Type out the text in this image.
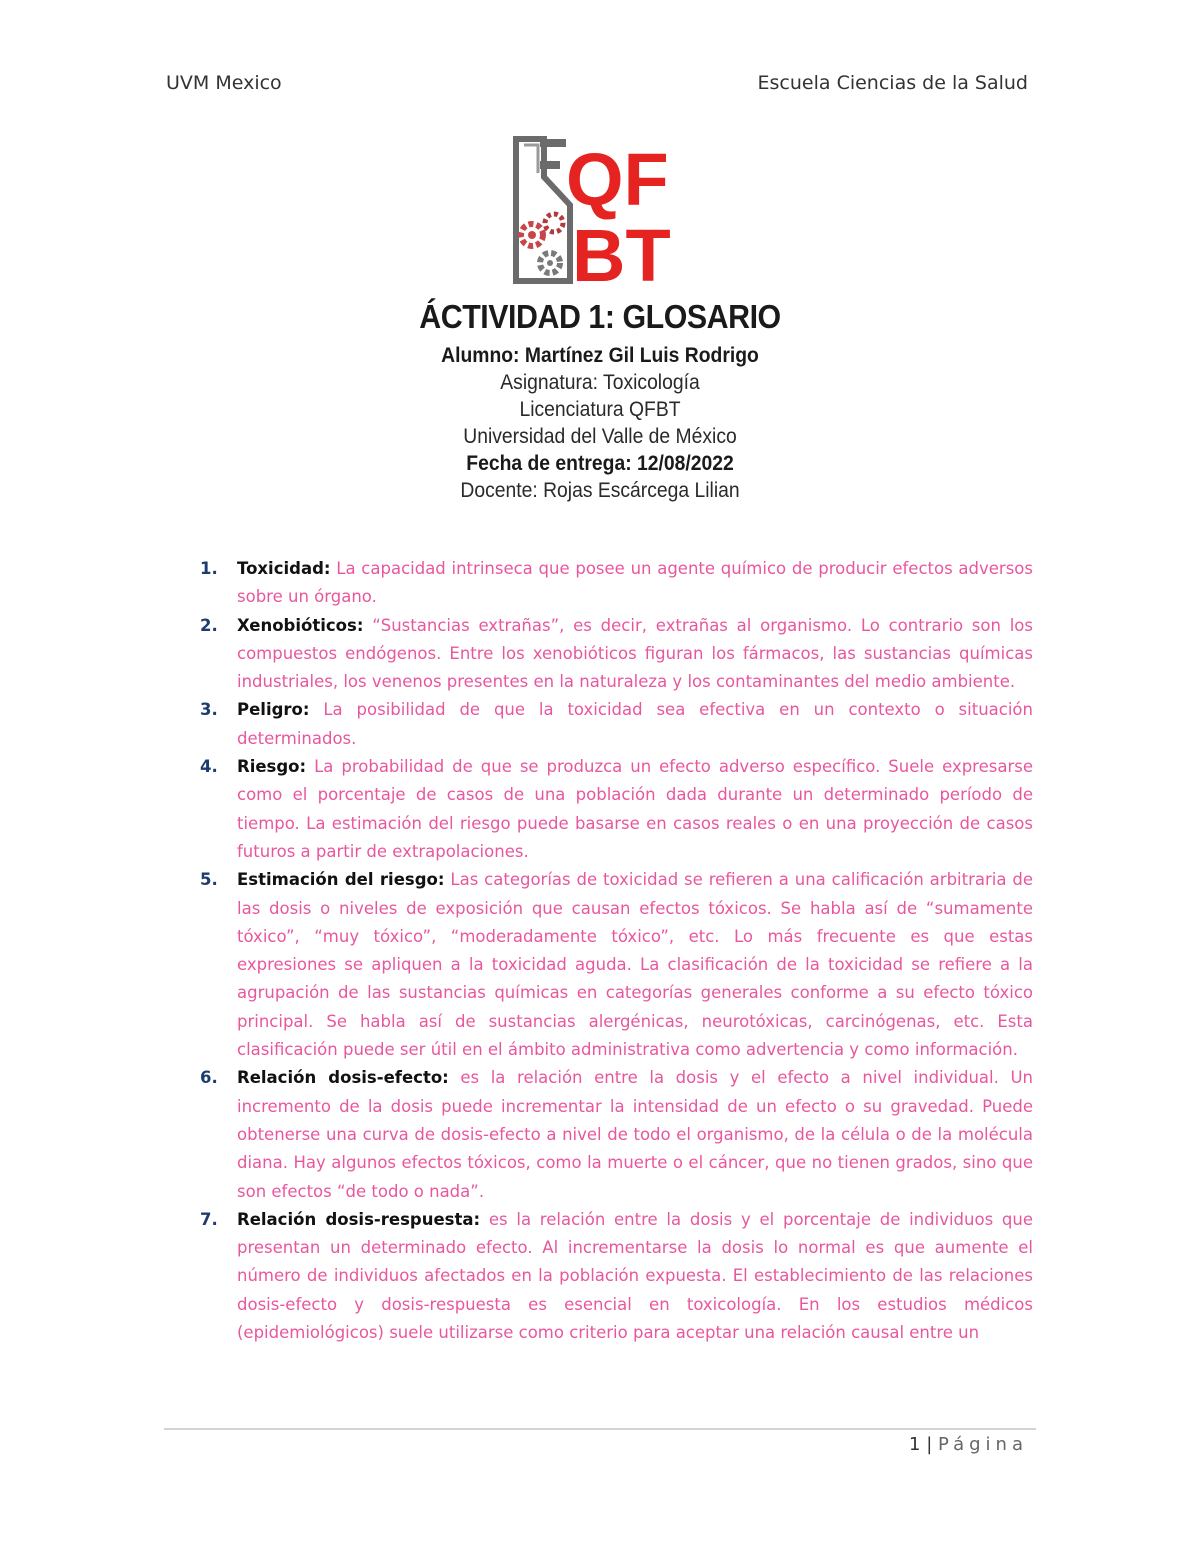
UVM Mexico	Escuela Ciencias de la Salud
QF
BT
ÁCTIVIDAD 1: GLOSARIO
Alumno: Martínez Gil Luis Rodrigo
Asignatura: Toxicología
Licenciatura QFBT
Universidad del Valle de México
Fecha de entrega: 12/08/2022
Docente: Rojas Escárcega Lilian
1. Toxicidad: La capacidad intrinseca que posee un agente químico de producir efectos adversos sobre un órgano.
2. Xenobióticos: “Sustancias extrañas”, es decir, extrañas al organismo. Lo contrario son los compuestos endógenos. Entre los xenobióticos figuran los fármacos, las sustancias químicas industriales, los venenos presentes en la naturaleza y los contaminantes del medio ambiente.
3. Peligro: La posibilidad de que la toxicidad sea efectiva en un contexto o situación determinados.
4. Riesgo: La probabilidad de que se produzca un efecto adverso específico. Suele expresarse como el porcentaje de casos de una población dada durante un determinado período de tiempo. La estimación del riesgo puede basarse en casos reales o en una proyección de casos futuros a partir de extrapolaciones.
5. Estimación del riesgo: Las categorías de toxicidad se refieren a una calificación arbitraria de las dosis o niveles de exposición que causan efectos tóxicos. Se habla así de “sumamente tóxico”, “muy tóxico”, “moderadamente tóxico”, etc. Lo más frecuente es que estas expresiones se apliquen a la toxicidad aguda. La clasificación de la toxicidad se refiere a la agrupación de las sustancias químicas en categorías generales conforme a su efecto tóxico principal. Se habla así de sustancias alergénicas, neurotóxicas, carcinógenas, etc. Esta clasificación puede ser útil en el ámbito administrativa como advertencia y como información.
6. Relación dosis-efecto: es la relación entre la dosis y el efecto a nivel individual. Un incremento de la dosis puede incrementar la intensidad de un efecto o su gravedad. Puede obtenerse una curva de dosis-efecto a nivel de todo el organismo, de la célula o de la molécula diana. Hay algunos efectos tóxicos, como la muerte o el cáncer, que no tienen grados, sino que son efectos “de todo o nada”.
7. Relación dosis-respuesta: es la relación entre la dosis y el porcentaje de individuos que presentan un determinado efecto. Al incrementarse la dosis lo normal es que aumente el número de individuos afectados en la población expuesta. El establecimiento de las relaciones dosis-efecto y dosis-respuesta es esencial en toxicología. En los estudios médicos (epidemiológicos) suele utilizarse como criterio para aceptar una relación causal entre un
1 | Página
